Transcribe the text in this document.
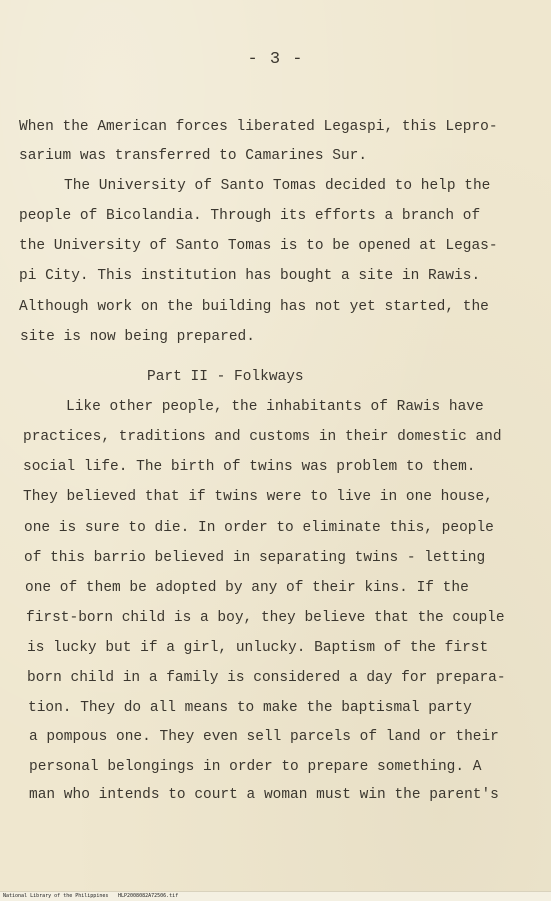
- 3 -
When the American forces liberated Legaspi, this Lepro-
sarium was transferred to Camarines Sur.
The University of Santo Tomas decided to help the
people of Bicolandia. Through its efforts a branch of
the University of Santo Tomas is to be opened at Legas-
pi City. This institution has bought a site in Rawis.
Although work on the building has not yet started, the
site is now being prepared.
Part II - Folkways
Like other people, the inhabitants of Rawis have
practices, traditions and customs in their domestic and
social life. The birth of twins was problem to them.
They believed that if twins were to live in one house,
one is sure to die. In order to eliminate this, people
of this barrio believed in separating twins - letting
one of them be adopted by any of their kins. If the
first-born child is a boy, they believe that the couple
is lucky but if a girl, unlucky. Baptism of the first
born child in a family is considered a day for prepara-
tion. They do all means to make the baptismal party
a pompous one. They even sell parcels of land or their
personal belongings in order to prepare something. A
man who intends to court a woman must win the parent's
National Library of the Philippines HLP2008082A72506.tif
